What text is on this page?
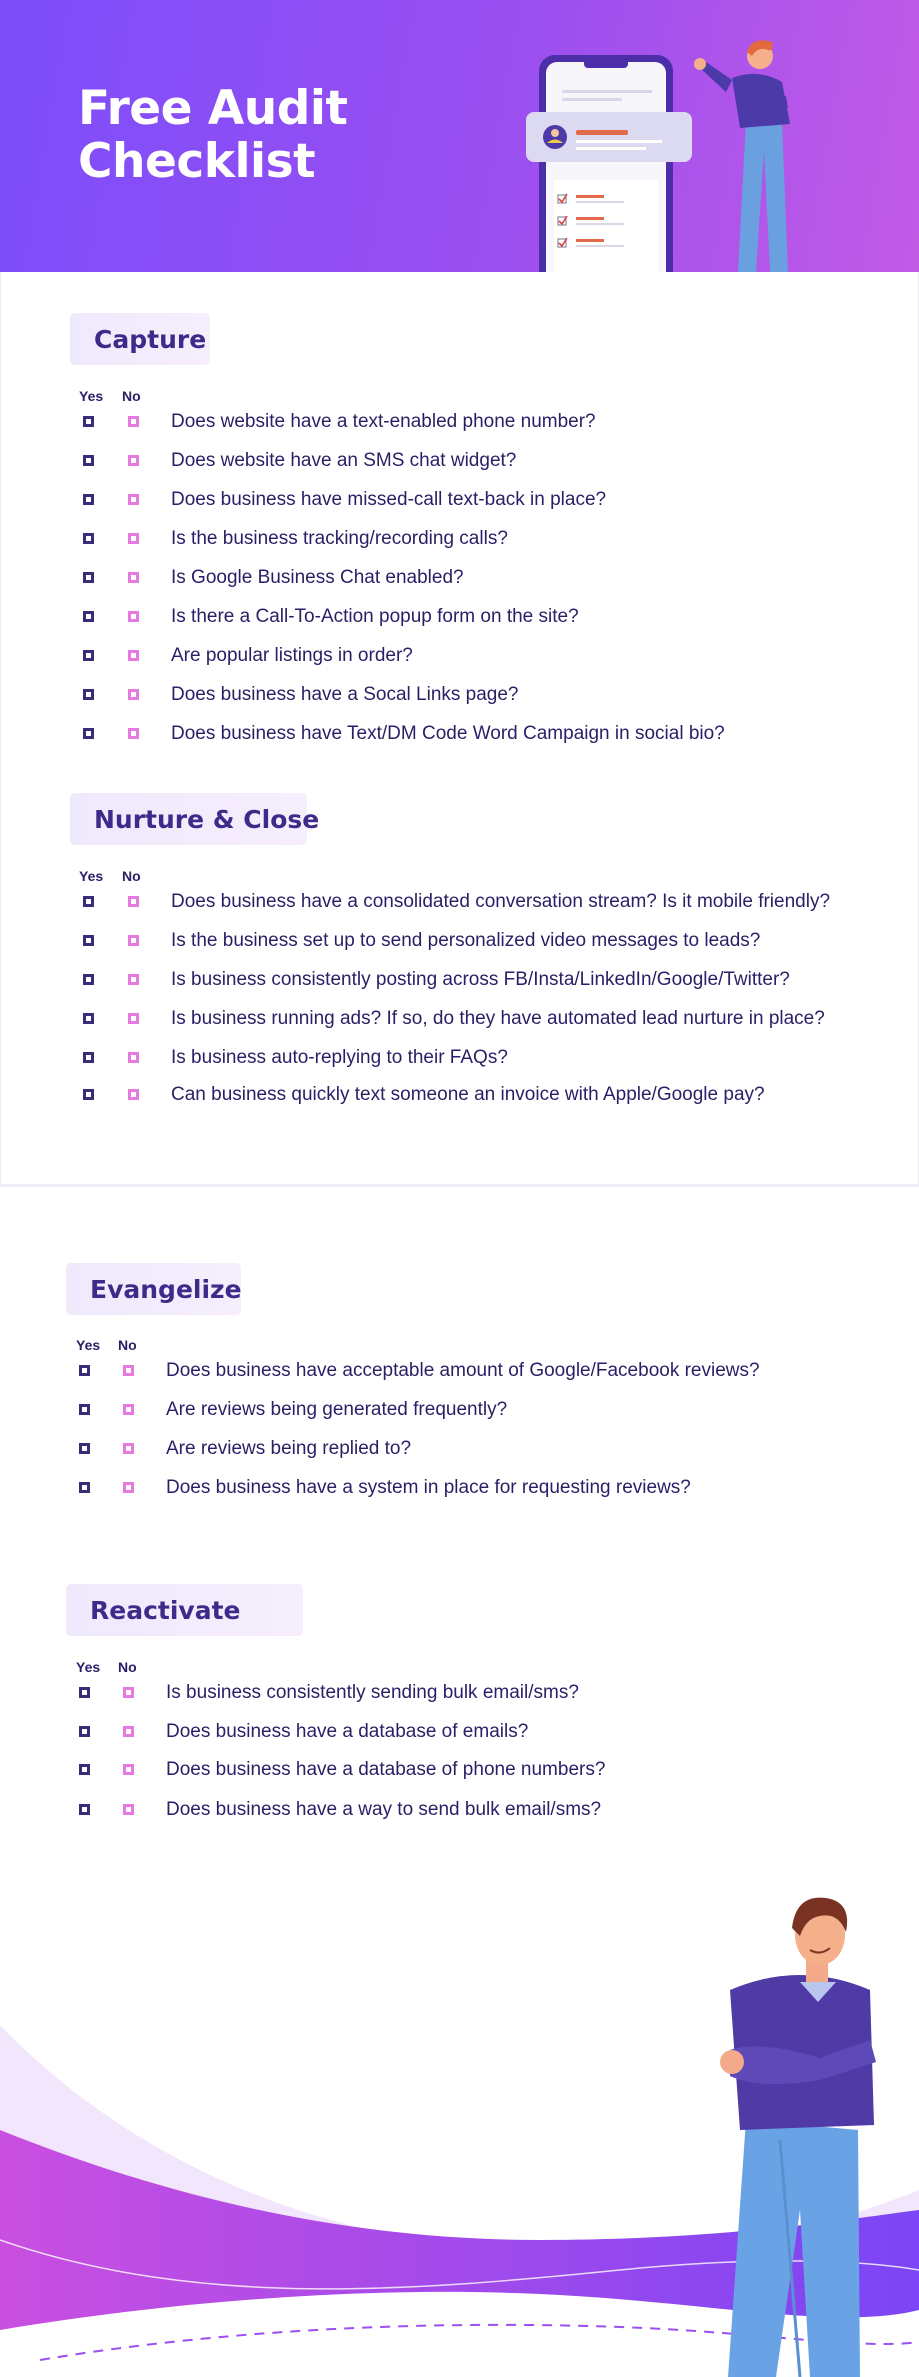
Free Audit
Checklist
Capture
Yes No
Does website have a text-enabled phone number?
Does website have an SMS chat widget?
Does business have missed-call text-back in place?
Is the business tracking/recording calls?
Is Google Business Chat enabled?
Is there a Call-To-Action popup form on the site?
Are popular listings in order?
Does business have a Socal Links page?
Does business have Text/DM Code Word Campaign in social bio?
Nurture & Close
Yes No
Does business have a consolidated conversation stream? Is it mobile friendly?
Is the business set up to send personalized video messages to leads?
Is business consistently posting across FB/Insta/LinkedIn/Google/Twitter?
Is business running ads? If so, do they have automated lead nurture in place?
Is business auto-replying to their FAQs?
Can business quickly text someone an invoice with Apple/Google pay?
Evangelize
Yes No
Does business have acceptable amount of Google/Facebook reviews?
Are reviews being generated frequently?
Are reviews being replied to?
Does business have a system in place for requesting reviews?
Reactivate
Yes No
Is business consistently sending bulk email/sms?
Does business have a database of emails?
Does business have a database of phone numbers?
Does business have a way to send bulk email/sms?
